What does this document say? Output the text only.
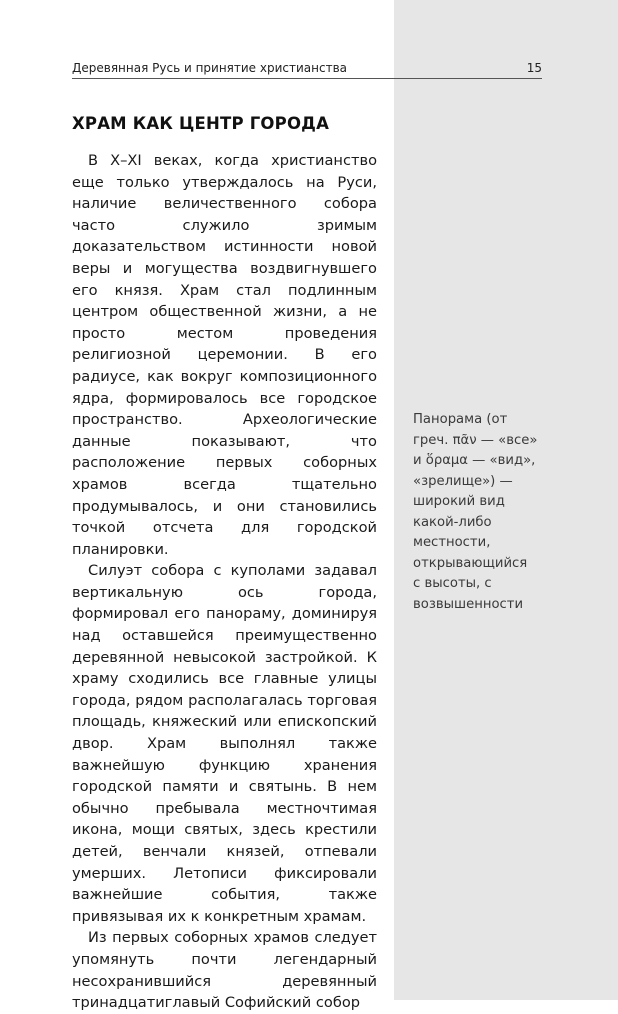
Деревянная Русь и принятие христианства	15
ХРАМ КАК ЦЕНТР ГОРОДА

В X–XI веках, когда христианство еще только утверждалось на Руси, наличие величественного собора часто служило зримым доказательством истинности новой веры и могущества воздвигнувшего его князя. Храм стал подлинным центром общественной жизни, а не просто местом проведения религиозной церемонии. В его радиусе, как вокруг композиционного ядра, формировалось все городское пространство. Археологические данные показывают, что расположение первых соборных храмов всегда тщательно продумывалось, и они становились точкой отсчета для городской планировки.

Силуэт собора с куполами задавал вертикальную ось города, формировал его панораму, доминируя над оставшейся преимущественно деревянной невысокой застройкой. К храму сходились все главные улицы города, рядом располагалась торговая площадь, княжеский или епископский двор. Храм выполнял также важнейшую функцию хранения городской памяти и святынь. В нем обычно пребывала местночтимая икона, мощи святых, здесь крестили детей, венчали князей, отпевали умерших. Летописи фиксировали важнейшие события, также привязывая их к конкретным храмам.

Из первых соборных храмов следует упомянуть почти легендарный несохранившийся деревянный тринадцатиглавый Софийский собор

Панорама (от греч. πᾶν — «все» и ὅραμα — «вид», «зрелище») — широкий вид какой-либо местности, открывающийся с высоты, с возвышенности
